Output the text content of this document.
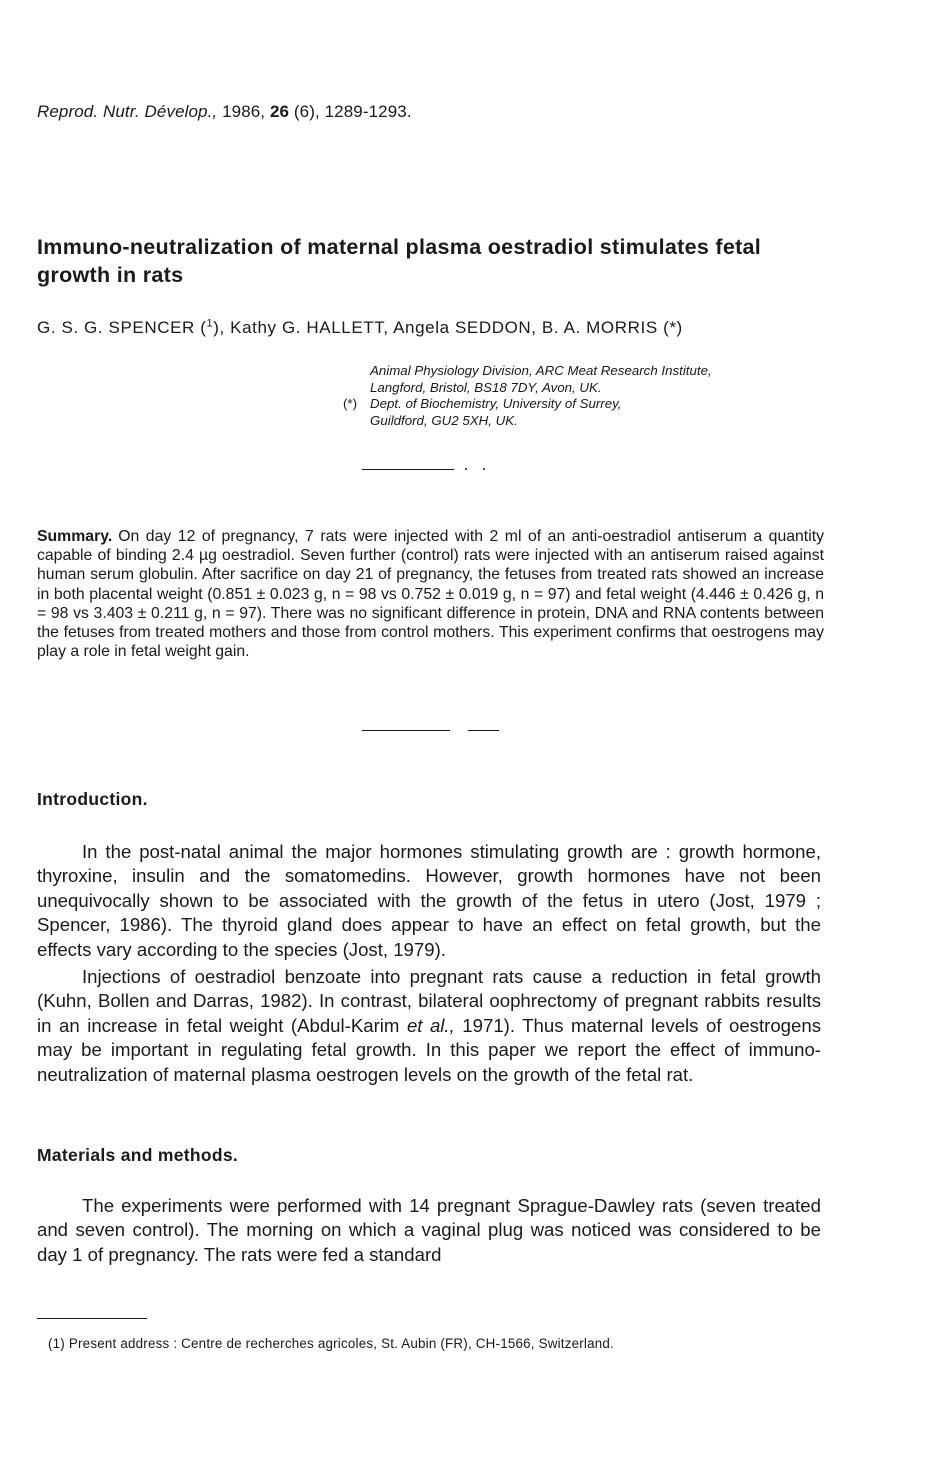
Reprod. Nutr. Dévelop., 1986, 26 (6), 1289-1293.
Immuno-neutralization of maternal plasma oestradiol stimulates fetal growth in rats
G. S. G. SPENCER ($^1$), Kathy G. HALLETT, Angela SEDDON, B. A. MORRIS (*)
Animal Physiology Division, ARC Meat Research Institute,
Langford, Bristol, BS18 7DY, Avon, UK.
(*) Dept. of Biochemistry, University of Surrey,
Guildford, GU2 5XH, UK.
Summary. On day 12 of pregnancy, 7 rats were injected with 2 ml of an anti-oestradiol antiserum a quantity capable of binding 2.4 µg oestradiol. Seven further (control) rats were injected with an antiserum raised against human serum globulin. After sacrifice on day 21 of pregnancy, the fetuses from treated rats showed an increase in both placental weight (0.851 ± 0.023 g, n = 98 vs 0.752 ± 0.019 g, n = 97) and fetal weight (4.446 ± 0.426 g, n = 98 vs 3.403 ± 0.211 g, n = 97). There was no significant difference in protein, DNA and RNA contents between the fetuses from treated mothers and those from control mothers. This experiment confirms that oestrogens may play a role in fetal weight gain.
Introduction.

In the post-natal animal the major hormones stimulating growth are : growth hormone, thyroxine, insulin and the somatomedins. However, growth hormones have not been unequivocally shown to be associated with the growth of the fetus in utero (Jost, 1979 ; Spencer, 1986). The thyroid gland does appear to have an effect on fetal growth, but the effects vary according to the species (Jost, 1979).

Injections of oestradiol benzoate into pregnant rats cause a reduction in fetal growth (Kuhn, Bollen and Darras, 1982). In contrast, bilateral oophrectomy of pregnant rabbits results in an increase in fetal weight (Abdul-Karim et al., 1971). Thus maternal levels of oestrogens may be important in regulating fetal growth. In this paper we report the effect of immuno-neutralization of maternal plasma oestrogen levels on the growth of the fetal rat.

Materials and methods.

The experiments were performed with 14 pregnant Sprague-Dawley rats (seven treated and seven control). The morning on which a vaginal plug was noticed was considered to be day 1 of pregnancy. The rats were fed a standard

(1) Present address : Centre de recherches agricoles, St. Aubin (FR), CH-1566, Switzerland.
